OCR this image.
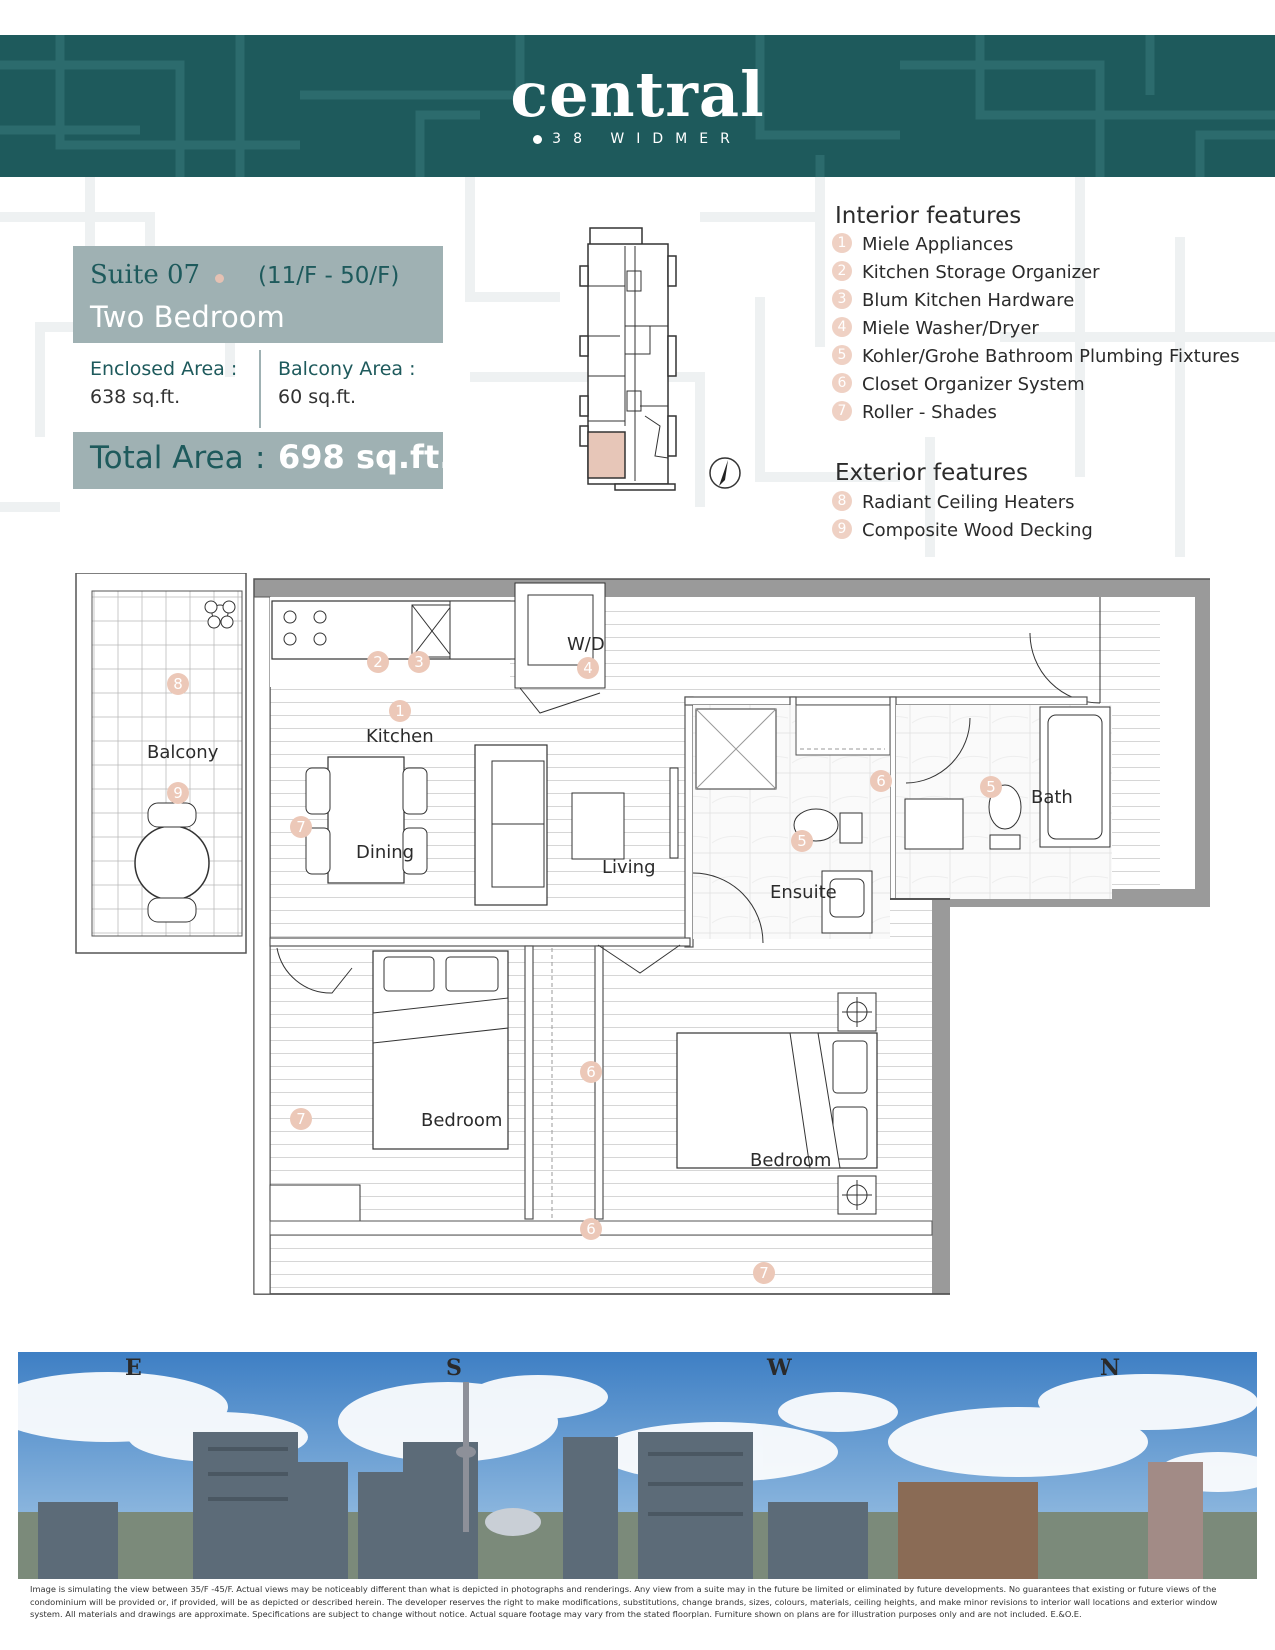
central
38 WIDMER
Suite 07	(11/F - 50/F)
Two Bedroom
Enclosed Area :
638 sq.ft.
Balcony Area :
60 sq.ft.
Total Area : 698 sq.ft.
Interior features
1 Miele Appliances
2 Kitchen Storage Organizer
3 Blum Kitchen Hardware
4 Miele Washer/Dryer
5 Kohler/Grohe Bathroom Plumbing Fixtures
6 Closet Organizer System
7 Roller - Shades
Exterior features
8 Radiant Ceiling Heaters
9 Composite Wood Decking
W/D
Kitchen
Balcony
Dining
Living
Ensuite
Bath
Bedroom
Bedroom
1
2	3	4
5
5
6
6
6
7
7
7
8
9
E	S	W	N
Image is simulating the view between 35/F -45/F. Actual views may be noticeably different than what is depicted in photographs and renderings. Any view from a suite may in the future be limited or eliminated by future developments. No guarantees that existing or future views of the condominium will be provided or, if provided, will be as depicted or described herein. The developer reserves the right to make modifications, substitutions, change brands, sizes, colours, materials, ceiling heights, and make minor revisions to interior wall locations and exterior window system. All materials and drawings are approximate. Specifications are subject to change without notice. Actual square footage may vary from the stated floorplan. Furniture shown on plans are for illustration purposes only and are not included. E.&O.E.
